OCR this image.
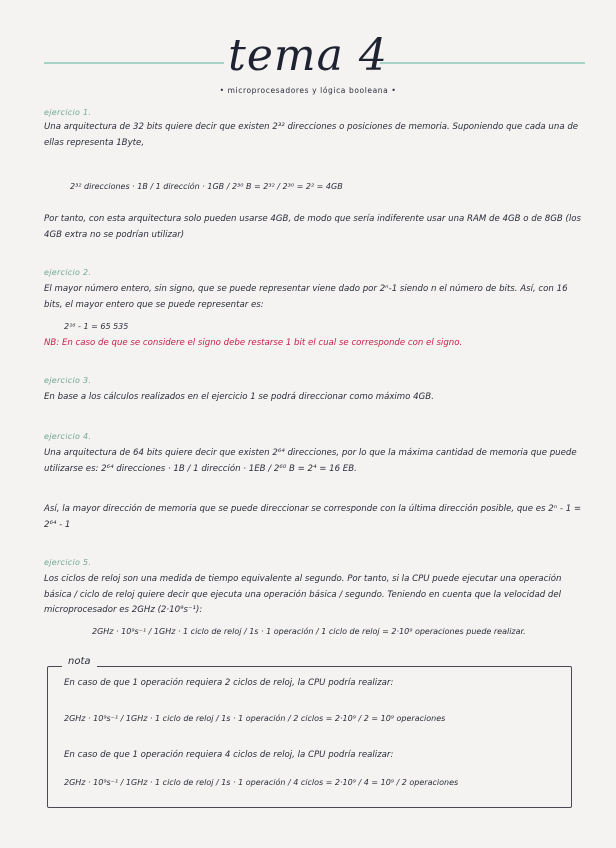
tema 4
• microprocesadores y lógica booleana •
ejercicio 1.
Una arquitectura de 32 bits quiere decir que existen 2³² direcciones o posiciones de memoria. Suponiendo que cada una de ellas representa 1Byte,
2³² direcciones · 1B / 1 dirección · 1GB / 2³⁰ B = 2³² / 2³⁰ = 2² = 4GB
Por tanto, con esta arquitectura solo pueden usarse 4GB, de modo que sería indiferente usar una RAM de 4GB o de 8GB (los 4GB extra no se podrían utilizar)
ejercicio 2.
El mayor número entero, sin signo, que se puede representar viene dado por 2ⁿ-1 siendo n el número de bits. Así, con 16 bits, el mayor entero que se puede representar es:
2¹⁶ - 1 = 65 535
NB: En caso de que se considere el signo debe restarse 1 bit el cual se corresponde con el signo.
ejercicio 3.
En base a los cálculos realizados en el ejercicio 1 se podrá direccionar como máximo 4GB.
ejercicio 4.
Una arquitectura de 64 bits quiere decir que existen 2⁶⁴ direcciones, por lo que la máxima cantidad de memoria que puede utilizarse es: 2⁶⁴ direcciones · 1B / 1 dirección · 1EB / 2⁶⁰ B = 2⁴ = 16 EB.
Así, la mayor dirección de memoria que se puede direccionar se corresponde con la última dirección posible, que es 2ⁿ - 1 = 2⁶⁴ - 1
ejercicio 5.
Los ciclos de reloj son una medida de tiempo equivalente al segundo. Por tanto, si la CPU puede ejecutar una operación básica / ciclo de reloj quiere decir que ejecuta una operación básica / segundo. Teniendo en cuenta que la velocidad del microprocesador es 2GHz (2·10⁹s⁻¹):
2GHz · 10⁹s⁻¹ / 1GHz · 1 ciclo de reloj / 1s · 1 operación / 1 ciclo de reloj = 2·10⁹ operaciones puede realizar.
nota
En caso de que 1 operación requiera 2 ciclos de reloj, la CPU podría realizar:
2GHz · 10⁹s⁻¹ / 1GHz · 1 ciclo de reloj / 1s · 1 operación / 2 ciclos = 2·10⁹ / 2 = 10⁹ operaciones
En caso de que 1 operación requiera 4 ciclos de reloj, la CPU podría realizar:
2GHz · 10⁹s⁻¹ / 1GHz · 1 ciclo de reloj / 1s · 1 operación / 4 ciclos = 2·10⁹ / 4 = 10⁹ / 2 operaciones
